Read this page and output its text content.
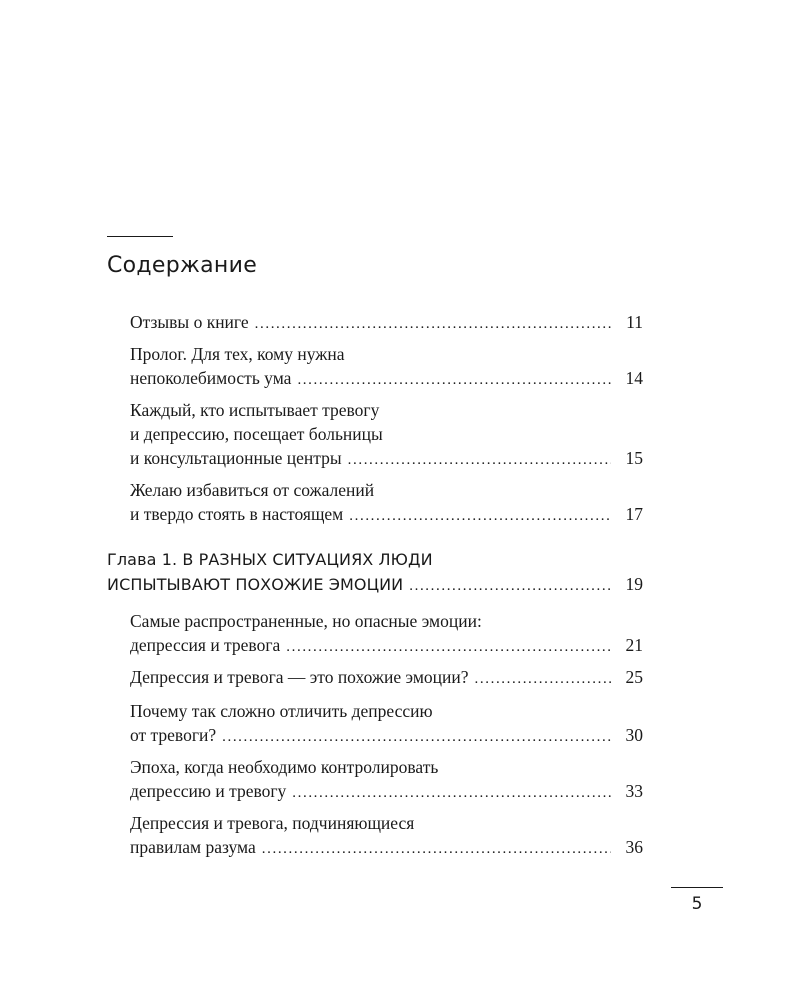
Содержание
Отзывы о книге .....	11
Пролог. Для тех, кому нужна
непоколебимость ума .....	14
Каждый, кто испытывает тревогу
и депрессию, посещает больницы
и консультационные центры .....	15
Желаю избавиться от сожалений
и твердо стоять в настоящем .....	17
Глава 1. В РАЗНЫХ СИТУАЦИЯХ ЛЮДИ
ИСПЫТЫВАЮТ ПОХОЖИЕ ЭМОЦИИ .....	19
Самые распространенные, но опасные эмоции:
депрессия и тревога .....	21
Депрессия и тревога — это похожие эмоции? .....	25
Почему так сложно отличить депрессию
от тревоги? .....	30
Эпоха, когда необходимо контролировать
депрессию и тревогу .....	33
Депрессия и тревога, подчиняющиеся
правилам разума .....	36
5
